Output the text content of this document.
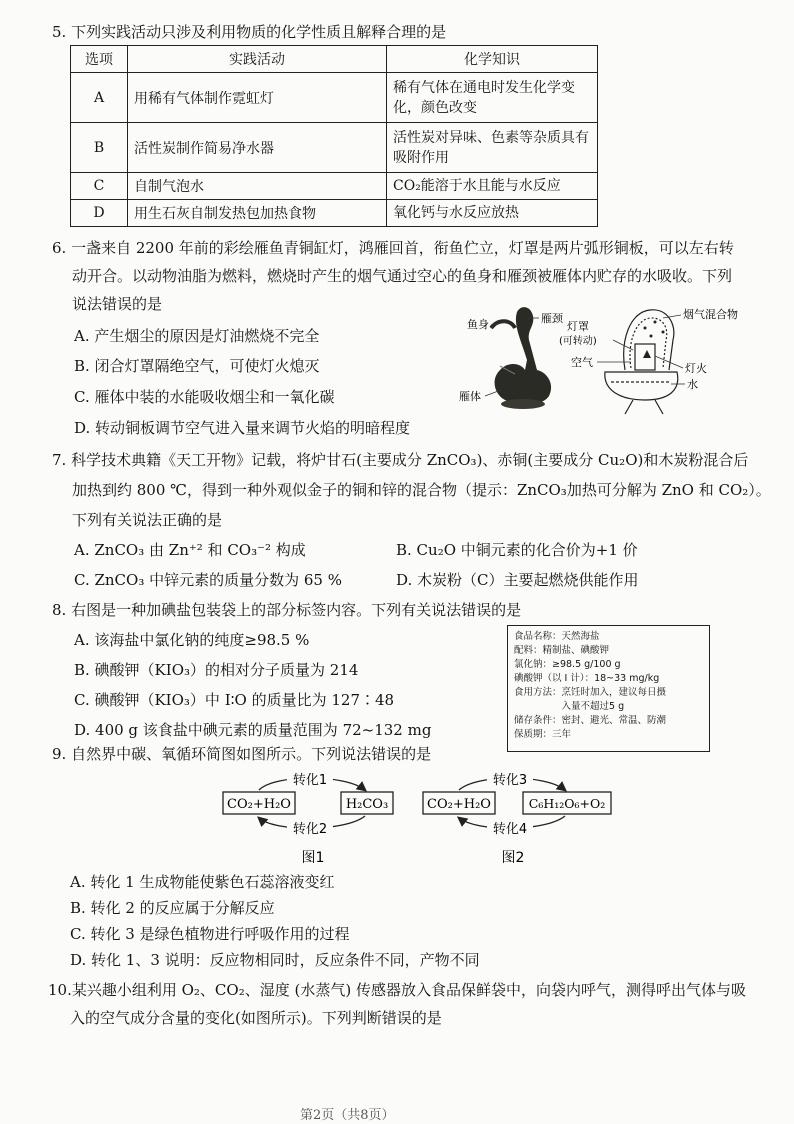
5. 下列实践活动只涉及利用物质的化学性质且解释合理的是
选项	实践活动	化学知识
A	用稀有气体制作霓虹灯	稀有气体在通电时发生化学变化，颜色改变
B	活性炭制作简易净水器	活性炭对异味、色素等杂质具有吸附作用
C	自制气泡水	CO₂能溶于水且能与水反应
D	用生石灰自制发热包加热食物	氧化钙与水反应放热
6. 一盏来自 2200 年前的彩绘雁鱼青铜缸灯，鸿雁回首，衔鱼伫立，灯罩是两片弧形铜板，可以左右转
动开合。以动物油脂为燃料，燃烧时产生的烟气通过空心的鱼身和雁颈被雁体内贮存的水吸收。下列
说法错误的是
A. 产生烟尘的原因是灯油燃烧不完全
B. 闭合灯罩隔绝空气，可使灯火熄灭
C. 雁体中装的水能吸收烟尘和一氧化碳
D. 转动铜板调节空气进入量来调节火焰的明暗程度
鱼身	雁颈
雁体
灯罩
(可转动)
烟气混合物
空气	灯火
水
7. 科学技术典籍《天工开物》记载，将炉甘石(主要成分 ZnCO₃)、赤铜(主要成分 Cu₂O)和木炭粉混合后
加热到约 800 ℃，得到一种外观似金子的铜和锌的混合物（提示：ZnCO₃加热可分解为 ZnO 和 CO₂）。
下列有关说法正确的是
A. ZnCO₃ 由 Zn⁺² 和 CO₃⁻² 构成	B. Cu₂O 中铜元素的化合价为+1 价
C. ZnCO₃ 中锌元素的质量分数为 65 %	D. 木炭粉（C）主要起燃烧供能作用
8. 右图是一种加碘盐包装袋上的部分标签内容。下列有关说法错误的是
A. 该海盐中氯化钠的纯度≥98.5 %
B. 碘酸钾（KIO₃）的相对分子质量为 214
C. 碘酸钾（KIO₃）中 I∶O 的质量比为 127∶48
D. 400 g 该食盐中碘元素的质量范围为 72~132 mg
食品名称：天然海盐
配料：精制盐、碘酸钾
氯化钠：≥98.5 g/100 g
碘酸钾（以 I 计）：18~33 mg/kg
食用方法：烹饪时加入，建议每日摄
　　　　　入量不超过5 g
储存条件：密封、避光、常温、防潮
保质期：三年
9. 自然界中碳、氧循环简图如图所示。下列说法错误的是
CO₂+H₂O	H₂CO₃
转化1
转化2
图1
CO₂+H₂O	C₆H₁₂O₆+O₂
转化3
转化4
图2
A. 转化 1 生成物能使紫色石蕊溶液变红
B. 转化 2 的反应属于分解反应
C. 转化 3 是绿色植物进行呼吸作用的过程
D. 转化 1、3 说明：反应物相同时，反应条件不同，产物不同
10.某兴趣小组利用 O₂、CO₂、湿度 (水蒸气) 传感器放入食品保鲜袋中，向袋内呼气，测得呼出气体与吸
入的空气成分含量的变化(如图所示)。下列判断错误的是
第2页（共8页）
